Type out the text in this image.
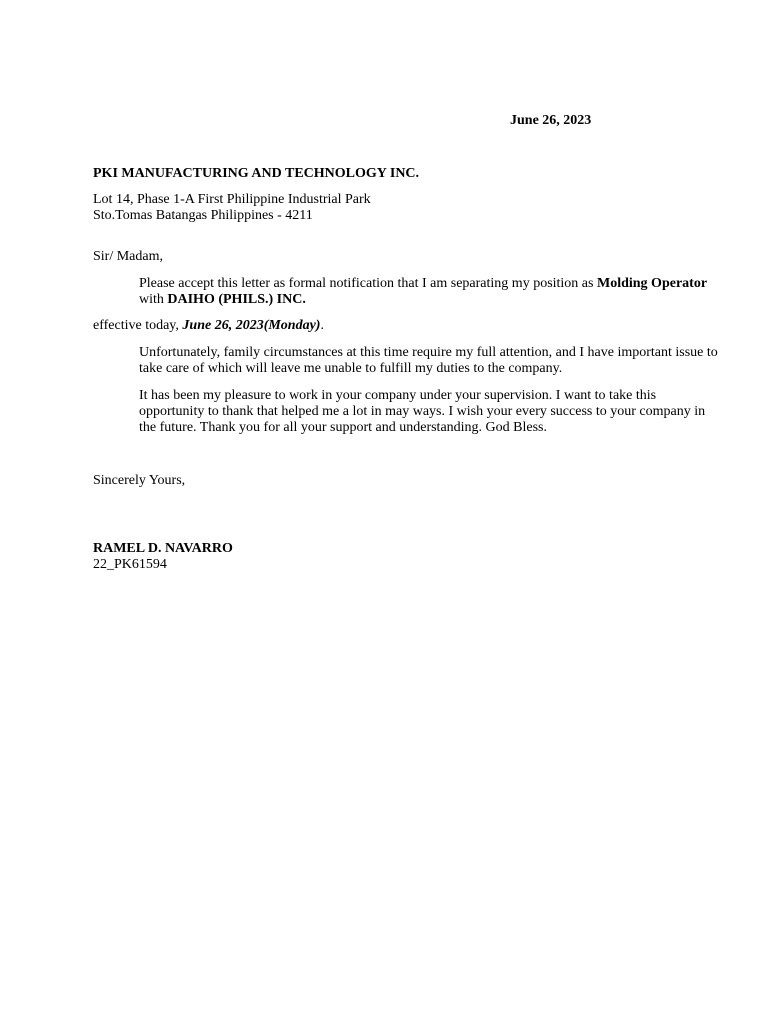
June 26, 2023
PKI MANUFACTURING AND TECHNOLOGY INC.
Lot 14, Phase 1-A First Philippine Industrial Park
Sto.Tomas Batangas Philippines - 4211
Sir/ Madam,
Please accept this letter as formal notification that I am separating my position as Molding Operator with DAIHO (PHILS.) INC.
effective today, June 26, 2023(Monday).
Unfortunately, family circumstances at this time require my full attention, and I have important issue to take care of which will leave me unable to fulfill my duties to the company.
It has been my pleasure to work in your company under your supervision. I want to take this opportunity to thank that helped me a lot in may ways. I wish your every success to your company in the future. Thank you for all your support and understanding. God Bless.
Sincerely Yours,
RAMEL D. NAVARRO
22_PK61594
